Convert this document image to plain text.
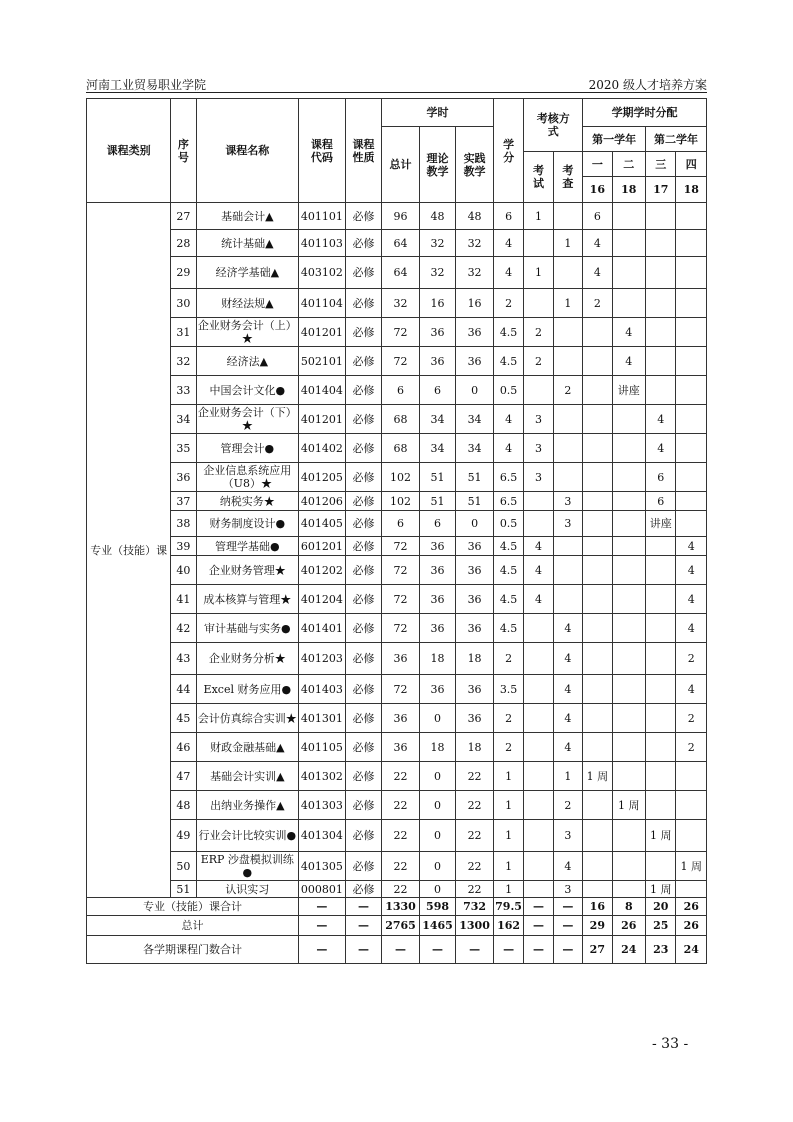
河南工业贸易职业学院	2020 级人才培养方案
课程类别	序号	课程名称	课程代码	课程性质	学时			学分	考核方式		学期学时分配			
					总计	理论教学	实践教学				第一学年		第二学年	
									考试	考查	一	二	三	四
											16	18	17	18
专业（技能）课	27	基础会计▲	401101	必修	96	48	48	6	1		6			
	28	统计基础▲	401103	必修	64	32	32	4		1	4			
	29	经济学基础▲	403102	必修	64	32	32	4	1		4			
	30	财经法规▲	401104	必修	32	16	16	2		1	2			
	31	企业财务会计（上）★	401201	必修	72	36	36	4.5	2			4		
	32	经济法▲	502101	必修	72	36	36	4.5	2			4		
	33	中国会计文化●	401404	必修	6	6	0	0.5		2		讲座		
	34	企业财务会计（下）★	401201	必修	68	34	34	4	3				4	
	35	管理会计●	401402	必修	68	34	34	4	3				4	
	36	企业信息系统应用（U8）★	401205	必修	102	51	51	6.5	3				6	
	37	纳税实务★	401206	必修	102	51	51	6.5		3			6	
	38	财务制度设计●	401405	必修	6	6	0	0.5		3			讲座	
	39	管理学基础●	601201	必修	72	36	36	4.5	4					4
	40	企业财务管理★	401202	必修	72	36	36	4.5	4					4
	41	成本核算与管理★	401204	必修	72	36	36	4.5	4					4
	42	审计基础与实务●	401401	必修	72	36	36	4.5		4				4
	43	企业财务分析★	401203	必修	36	18	18	2		4				2
	44	Excel 财务应用●	401403	必修	72	36	36	3.5		4				4
	45	会计仿真综合实训★	401301	必修	36	0	36	2		4				2
	46	财政金融基础▲	401105	必修	36	18	18	2		4				2
	47	基础会计实训▲	401302	必修	22	0	22	1		1	1 周			
	48	出纳业务操作▲	401303	必修	22	0	22	1		2		1 周		
	49	行业会计比较实训●	401304	必修	22	0	22	1		3			1 周	
	50	ERP 沙盘模拟训练●	401305	必修	22	0	22	1		4				1 周
	51	认识实习	000801	必修	22	0	22	1		3			1 周	
专业（技能）课合计			—	—	1330	598	732	79.5	—	—	16	8	20	26
总计			—	—	2765	1465	1300	162	—	—	29	26	25	26
各学期课程门数合计			—	—	—	—	—	—	—	—	27	24	23	24
- 33 -
